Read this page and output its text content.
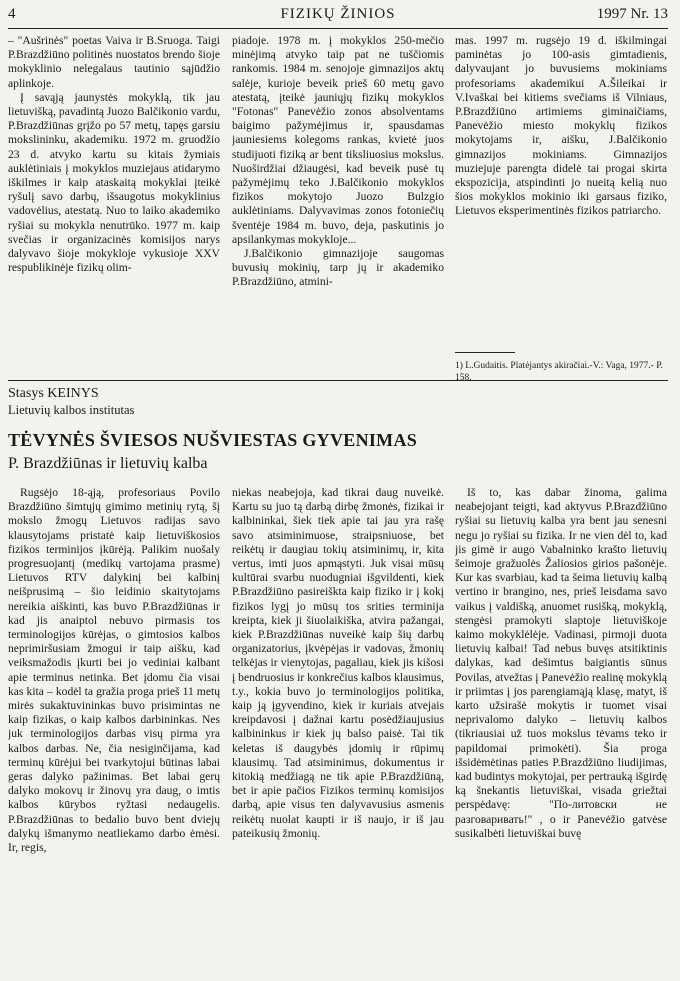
4	FIZIKŲ ŽINIOS	1997 Nr. 13

– "Aušrinės" poetas Vaiva ir B.Sruoga. Taigi P.Brazdžiūno politinės nuostatos brendo šioje mokyklinio nelegalaus tautinio sąjūdžio aplinkoje.

Į savąją jaunystės mokyklą, tik jau lietuvišką, pavadintą Juozo Balčikonio vardu, P.Brazdžiūnas grįžo po 57 metų, tapęs garsiu mokslininku, akademiku. 1972 m. gruodžio 23 d. atvyko kartu su kitais žymiais auklėtiniais į mokyklos muziejaus atidarymo iškilmes ir kaip ataskaitą mokyklai įteikė ryšulį savo darbų, išsaugotus mokyklinius vadovėlius, atestatą. Nuo to laiko akademiko ryšiai su mokykla nenutrūko. 1977 m. kaip svečias ir organizacinės komisijos narys dalyvavo šioje mokykloje vykusioje XXV respublikinėje fizikų olim-

piadoje. 1978 m. į mokyklos 250-mečio minėjimą atvyko taip pat ne tuščiomis rankomis. 1984 m. senojoje gimnazijos aktų salėje, kurioje beveik prieš 60 metų gavo atestatą, įteikė jauniųjų fizikų mokyklos "Fotonas" Panevėžio zonos absolventams baigimo pažymėjimus ir, spausdamas jauniesiems kolegoms rankas, kvietė juos studijuoti fiziką ar bent tiksliuosius mokslus. Nuoširdžiai džiaugėsi, kad beveik pusė tų pažymėjimų teko J.Balčikonio mokyklos fizikos mokytojo Juozo Bulzgio auklėtiniams. Dalyvavimas zonos fotoniečių šventėje 1984 m. buvo, deja, paskutinis jo apsilankymas mokykloje...

J.Balčikonio gimnazijoje saugomas buvusių mokinių, tarp jų ir akademiko P.Brazdžiūno, atmini-

mas. 1997 m. rugsėjo 19 d. iškilmingai paminėtas jo 100-asis gimtadienis, dalyvaujant jo buvusiems mokiniams profesoriams akademikui A.Šileikai ir V.Ivaškai bei kitiems svečiams iš Vilniaus, P.Brazdžiūno artimiems giminaičiams, Panevėžio miesto mokyklų fizikos mokytojams ir, aišku, J.Balčikonio gimnazijos mokiniams. Gimnazijos muziejuje parengta didelė tai progai skirta ekspozicija, atspindinti jo nueitą kelią nuo šios mokyklos mokinio iki garsaus fiziko, Lietuvos eksperimentinės fizikos patriarcho.

1) L.Gudaitis. Platėjantys akiračiai.-V.: Vaga, 1977.- P. 158.
Stasys KEINYS
Lietuvių kalbos institutas
TĖVYNĖS ŠVIESOS NUŠVIESTAS GYVENIMAS
P. Brazdžiūnas ir lietuvių kalba

Rugsėjo 18-ąją, profesoriaus Povilo Brazdžiūno šimtųjų gimimo metinių rytą, šį mokslo žmogų Lietuvos radijas savo klausytojams pristatė kaip lietuviškosios fizikos terminijos įkūrėją. Palikim nuošaly progresuojantį (medikų vartojama prasme) Lietuvos RTV dalykinį bei kalbinį neišprusimą – šio leidinio skaitytojams nereikia aiškinti, kas buvo P.Brazdžiūnas ir kad jis anaiptol nebuvo pirmasis tos terminologijos kūrėjas, o gimtosios kalbos neprimiršusiam žmogui ir taip aišku, kad veiksmažodis įkurti bei jo vediniai kalbant apie terminus netinka. Bet įdomu čia visai kas kita – kodėl ta gražia proga prieš 11 metų mirės sukaktuvininkas buvo prisimintas ne kaip fizikas, o kaip kalbos darbininkas. Nes juk terminologijos darbas visų pirma yra kalbos darbas. Ne, čia nesiginčijama, kad terminų kūrėjui bei tvarkytojui būtinas labai geras dalyko pažinimas. Bet labai gerų dalyko mokovų ir žinovų yra daug, o imtis kalbos kūrybos ryžtasi nedaugelis. P.Brazdžiūnas to bedalio buvo bent dviejų dalykų išmanymo neatliekamo darbo ėmėsi. Ir, regis,

niekas neabejoja, kad tikrai daug nuveikė. Kartu su juo tą darbą dirbę žmonės, fizikai ir kalbininkai, šiek tiek apie tai jau yra rašę savo atsiminimuose, straipsniuose, bet reikėtų ir daugiau tokių atsiminimų, ir, kita vertus, imti juos apmąstyti. Juk visai mūsų kultūrai svarbu nuodugniai išgvildenti, kiek P.Brazdžiūno pasireiškta kaip fiziko ir į kokį fizikos lygį jo mūsų tos srities terminija kreipta, kiek ji šiuolaikiška, atvira pažangai, kiek P.Brazdžiūnas nuveikė kaip šių darbų organizatorius, įkvėpėjas ir vadovas, žmonių telkėjas ir vienytojas, pagaliau, kiek jis kišosi į bendruosius ir konkrečius kalbos klausimus, t.y., kokia buvo jo terminologijos politika, kaip ją įgyvendino, kiek ir kuriais atvejais kreipdavosi į dažnai kartu posėdžiaujusius kalbininkus ir kiek jų balso paisė. Tai tik keletas iš daugybės įdomių ir rūpimų klausimų. Tad atsiminimus, dokumentus ir kitokią medžiagą ne tik apie P.Brazdžiūną, bet ir apie pačios Fizikos terminų komisijos darbą, apie visus ten dalyvavusius asmenis reikėtų nuolat kaupti ir iš naujo, ir iš jau pateikusių žmonių.

Iš to, kas dabar žinoma, galima neabejojant teigti, kad aktyvus P.Brazdžiūno ryšiai su lietuvių kalba yra bent jau senesni negu jo ryšiai su fizika. Ir ne vien dėl to, kad jis gimė ir augo Vabalninko krašto lietuvių šeimoje gražuolės Žaliosios girios pašonėje. Kur kas svarbiau, kad ta šeima lietuvių kalbą vertino ir brangino, nes, prieš leisdama savo vaikus į valdišką, anuomet rusišką, mokyklą, stengėsi pramokyti slaptoje lietuviškoje kaimo mokyklėlėje. Vadinasi, pirmoji duota lietuvių kalbai! Tad nebus buvęs atsitiktinis dalykas, kad dešimtus baigiantis sūnus Povilas, atvežtas į Panevėžio realinę mokyklą ir priimtas į jos parengiamąją klasę, matyt, iš karto užsirašė mokytis ir tuomet visai neprivalomo dalyko – lietuvių kalbos (tikriausiai už tuos mokslus tėvams teko ir papildomai primokėti). Šia proga išsidėmėtinas paties P.Brazdžiūno liudijimas, kad budintys mokytojai, per pertrauką išgirdę ką šnekantis lietuviškai, visada griežtai perspėdavę: "По-литовски не разговаривать!" , o ir Panevėžio gatvėse susikalbėti lietuviškai buvę
